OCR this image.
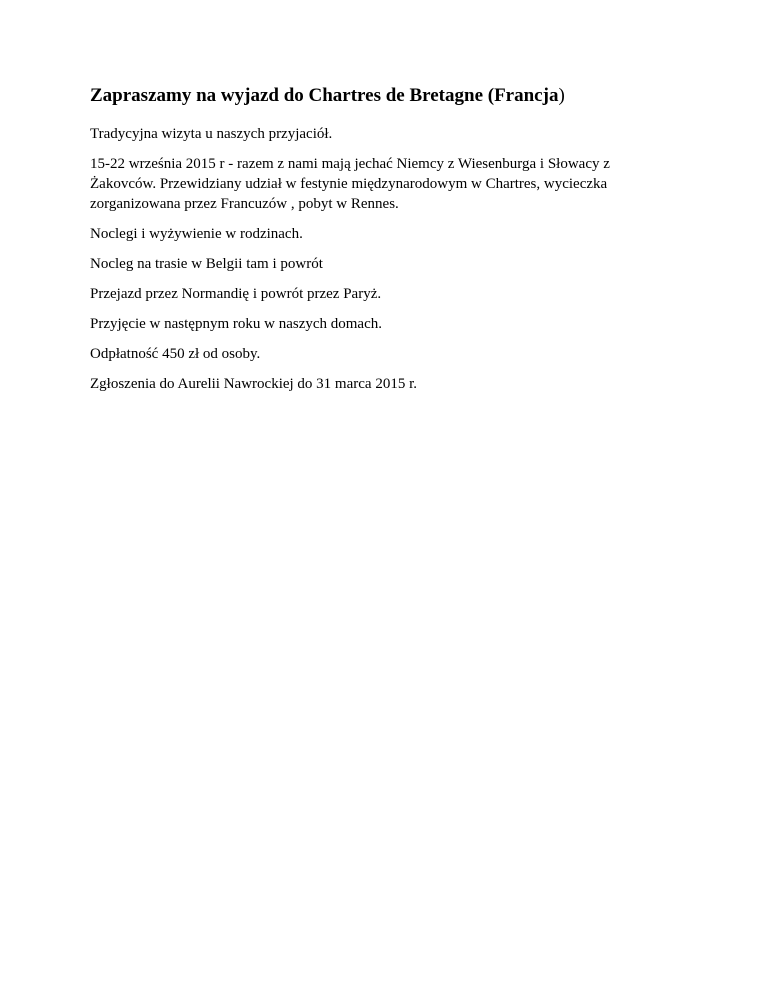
Zapraszamy na wyjazd do Chartres de Bretagne (Francja)

Tradycyjna wizyta u naszych przyjaciół.

15-22 września 2015 r - razem z nami mają jechać Niemcy z Wiesenburga i Słowacy z
Żakovców. Przewidziany udział w festynie międzynarodowym w Chartres, wycieczka
zorganizowana przez Francuzów , pobyt w Rennes.

Noclegi i wyżywienie w rodzinach.

Nocleg na trasie w Belgii tam i powrót

Przejazd przez Normandię i powrót przez Paryż.

Przyjęcie w następnym roku w naszych domach.

Odpłatność 450 zł od osoby.

Zgłoszenia do Aurelii Nawrockiej do 31 marca 2015 r.
